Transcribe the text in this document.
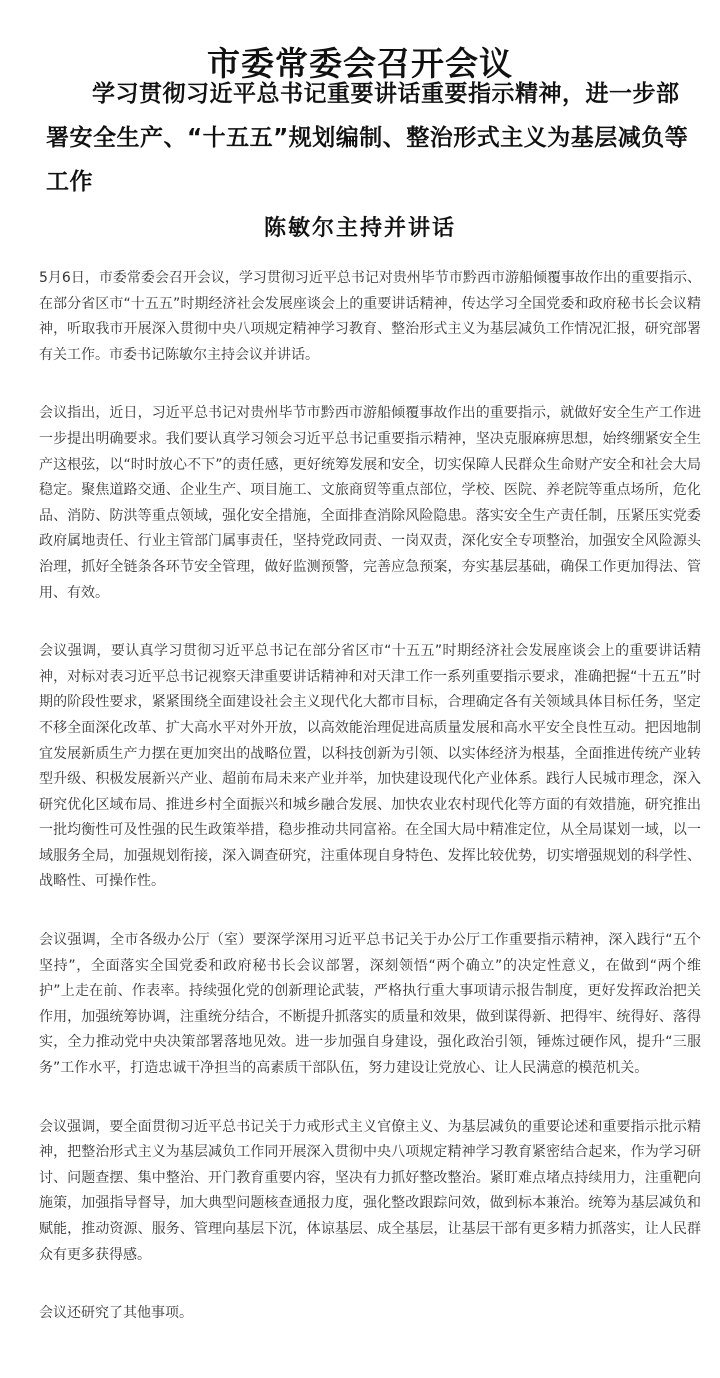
市委常委会召开会议
学习贯彻习近平总书记重要讲话重要指示精神，进一步部署安全生产、“十五五”规划编制、整治形式主义为基层减负等工作
陈敏尔主持并讲话

5月6日，市委常委会召开会议，学习贯彻习近平总书记对贵州毕节市黔西市游船倾覆事故作出的重要指示、在部分省区市“十五五”时期经济社会发展座谈会上的重要讲话精神，传达学习全国党委和政府秘书长会议精神，听取我市开展深入贯彻中央八项规定精神学习教育、整治形式主义为基层减负工作情况汇报，研究部署有关工作。市委书记陈敏尔主持会议并讲话。

会议指出，近日，习近平总书记对贵州毕节市黔西市游船倾覆事故作出的重要指示，就做好安全生产工作进一步提出明确要求。我们要认真学习领会习近平总书记重要指示精神，坚决克服麻痹思想，始终绷紧安全生产这根弦，以“时时放心不下”的责任感，更好统筹发展和安全，切实保障人民群众生命财产安全和社会大局稳定。聚焦道路交通、企业生产、项目施工、文旅商贸等重点部位，学校、医院、养老院等重点场所，危化品、消防、防洪等重点领域，强化安全措施，全面排查消除风险隐患。落实安全生产责任制，压紧压实党委政府属地责任、行业主管部门属事责任，坚持党政同责、一岗双责，深化安全专项整治，加强安全风险源头治理，抓好全链条各环节安全管理，做好监测预警，完善应急预案，夯实基层基础，确保工作更加得法、管用、有效。

会议强调，要认真学习贯彻习近平总书记在部分省区市“十五五”时期经济社会发展座谈会上的重要讲话精神，对标对表习近平总书记视察天津重要讲话精神和对天津工作一系列重要指示要求，准确把握“十五五”时期的阶段性要求，紧紧围绕全面建设社会主义现代化大都市目标，合理确定各有关领域具体目标任务，坚定不移全面深化改革、扩大高水平对外开放，以高效能治理促进高质量发展和高水平安全良性互动。把因地制宜发展新质生产力摆在更加突出的战略位置，以科技创新为引领、以实体经济为根基，全面推进传统产业转型升级、积极发展新兴产业、超前布局未来产业并举，加快建设现代化产业体系。践行人民城市理念，深入研究优化区域布局、推进乡村全面振兴和城乡融合发展、加快农业农村现代化等方面的有效措施，研究推出一批均衡性可及性强的民生政策举措，稳步推动共同富裕。在全国大局中精准定位，从全局谋划一域，以一域服务全局，加强规划衔接，深入调查研究，注重体现自身特色、发挥比较优势，切实增强规划的科学性、战略性、可操作性。

会议强调，全市各级办公厅（室）要深学深用习近平总书记关于办公厅工作重要指示精神，深入践行“五个坚持”，全面落实全国党委和政府秘书长会议部署，深刻领悟“两个确立”的决定性意义，在做到“两个维护”上走在前、作表率。持续强化党的创新理论武装，严格执行重大事项请示报告制度，更好发挥政治把关作用，加强统筹协调，注重统分结合，不断提升抓落实的质量和效果，做到谋得新、把得牢、统得好、落得实，全力推动党中央决策部署落地见效。进一步加强自身建设，强化政治引领，锤炼过硬作风，提升“三服务”工作水平，打造忠诚干净担当的高素质干部队伍，努力建设让党放心、让人民满意的模范机关。

会议强调，要全面贯彻习近平总书记关于力戒形式主义官僚主义、为基层减负的重要论述和重要指示批示精神，把整治形式主义为基层减负工作同开展深入贯彻中央八项规定精神学习教育紧密结合起来，作为学习研讨、问题查摆、集中整治、开门教育重要内容，坚决有力抓好整改整治。紧盯难点堵点持续用力，注重靶向施策，加强指导督导，加大典型问题核查通报力度，强化整改跟踪问效，做到标本兼治。统筹为基层减负和赋能，推动资源、服务、管理向基层下沉，体谅基层、成全基层，让基层干部有更多精力抓落实，让人民群众有更多获得感。

会议还研究了其他事项。
